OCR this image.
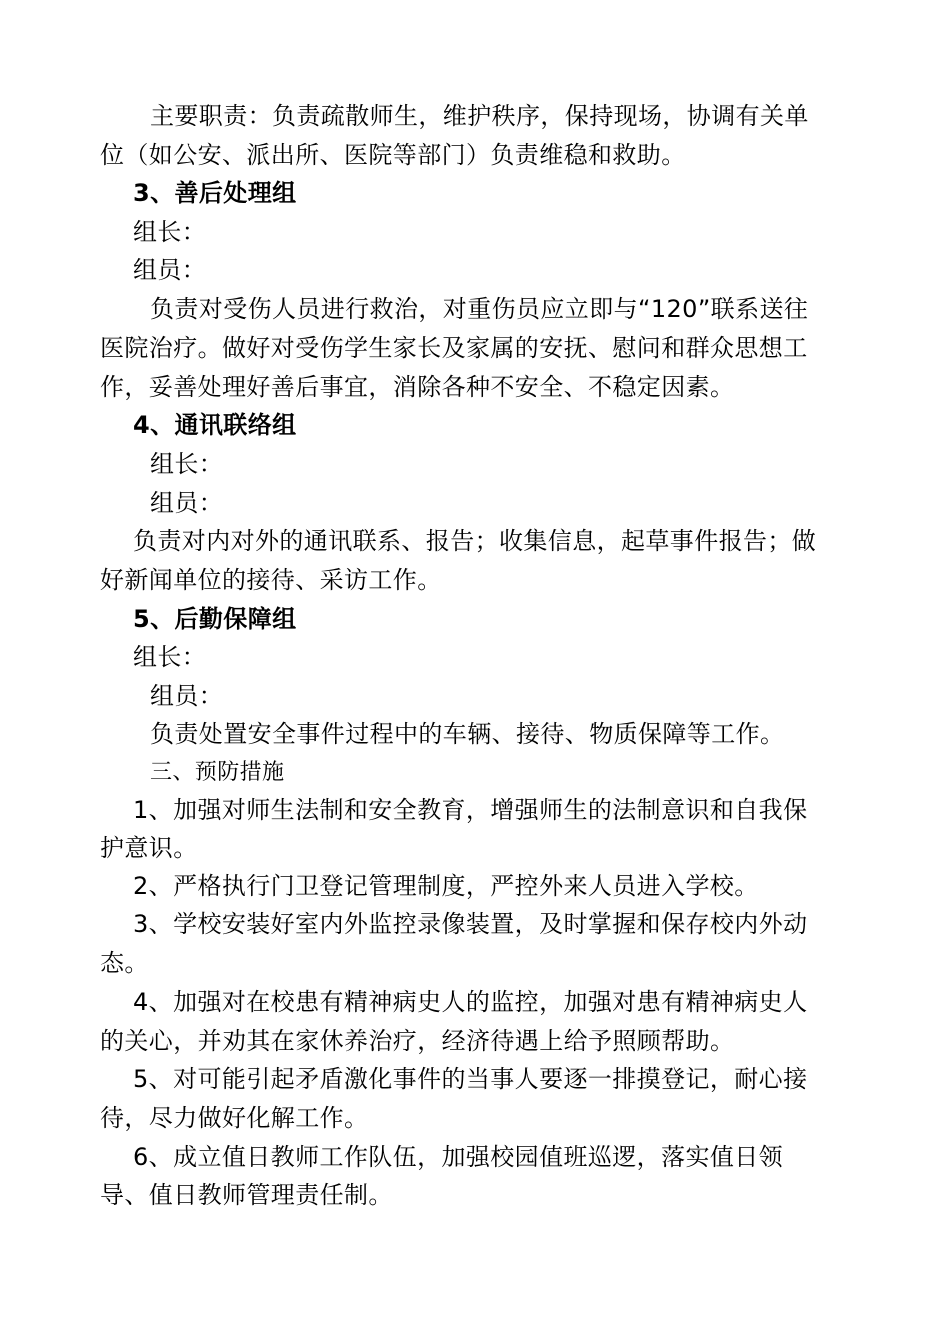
主要职责：负责疏散师生，维护秩序，保持现场，协调有关单
位（如公安、派出所、医院等部门）负责维稳和救助。
3、善后处理组
组长：
组员：
负责对受伤人员进行救治，对重伤员应立即与“120”联系送往
医院治疗。做好对受伤学生家长及家属的安抚、慰问和群众思想工
作，妥善处理好善后事宜，消除各种不安全、不稳定因素。
4、通讯联络组
组长：
组员：
负责对内对外的通讯联系、报告；收集信息，起草事件报告；做
好新闻单位的接待、采访工作。
5、后勤保障组
组长：
组员：
负责处置安全事件过程中的车辆、接待、物质保障等工作。
三、预防措施
1、加强对师生法制和安全教育，增强师生的法制意识和自我保
护意识。
2、严格执行门卫登记管理制度，严控外来人员进入学校。
3、学校安装好室内外监控录像装置，及时掌握和保存校内外动
态。
4、加强对在校患有精神病史人的监控，加强对患有精神病史人
的关心，并劝其在家休养治疗，经济待遇上给予照顾帮助。
5、对可能引起矛盾激化事件的当事人要逐一排摸登记，耐心接
待，尽力做好化解工作。
6、成立值日教师工作队伍，加强校园值班巡逻，落实值日领
导、值日教师管理责任制。
